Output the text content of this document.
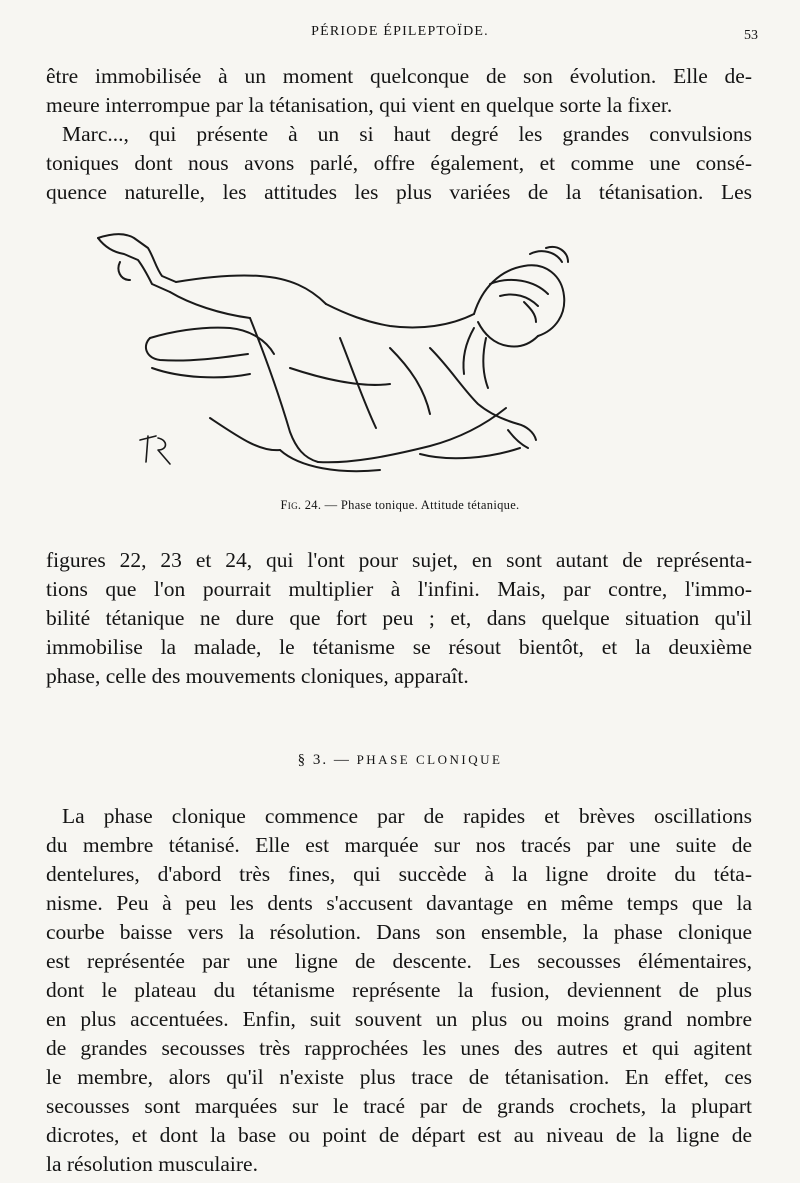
PÉRIODE ÉPILEPTOÏDE.	53
être immobilisée à un moment quelconque de son évolution. Elle de-
meure interrompue par la tétanisation, qui vient en quelque sorte la fixer.
Marc..., qui présente à un si haut degré les grandes convulsions
toniques dont nous avons parlé, offre également, et comme une consé-
quence naturelle, les attitudes les plus variées de la tétanisation. Les
JR
Fig. 24. — Phase tonique. Attitude tétanique.
figures 22, 23 et 24, qui l'ont pour sujet, en sont autant de représenta-
tions que l'on pourrait multiplier à l'infini. Mais, par contre, l'immo-
bilité tétanique ne dure que fort peu ; et, dans quelque situation qu'il
immobilise la malade, le tétanisme se résout bientôt, et la deuxième
phase, celle des mouvements cloniques, apparaît.
§ 3. — PHASE CLONIQUE
La phase clonique commence par de rapides et brèves oscillations
du membre tétanisé. Elle est marquée sur nos tracés par une suite de
dentelures, d'abord très fines, qui succède à la ligne droite du téta-
nisme. Peu à peu les dents s'accusent davantage en même temps que la
courbe baisse vers la résolution. Dans son ensemble, la phase clonique
est représentée par une ligne de descente. Les secousses élémentaires,
dont le plateau du tétanisme représente la fusion, deviennent de plus
en plus accentuées. Enfin, suit souvent un plus ou moins grand nombre
de grandes secousses très rapprochées les unes des autres et qui agitent
le membre, alors qu'il n'existe plus trace de tétanisation. En effet, ces
secousses sont marquées sur le tracé par de grands crochets, la plupart
dicrotes, et dont la base ou point de départ est au niveau de la ligne de
la résolution musculaire.
